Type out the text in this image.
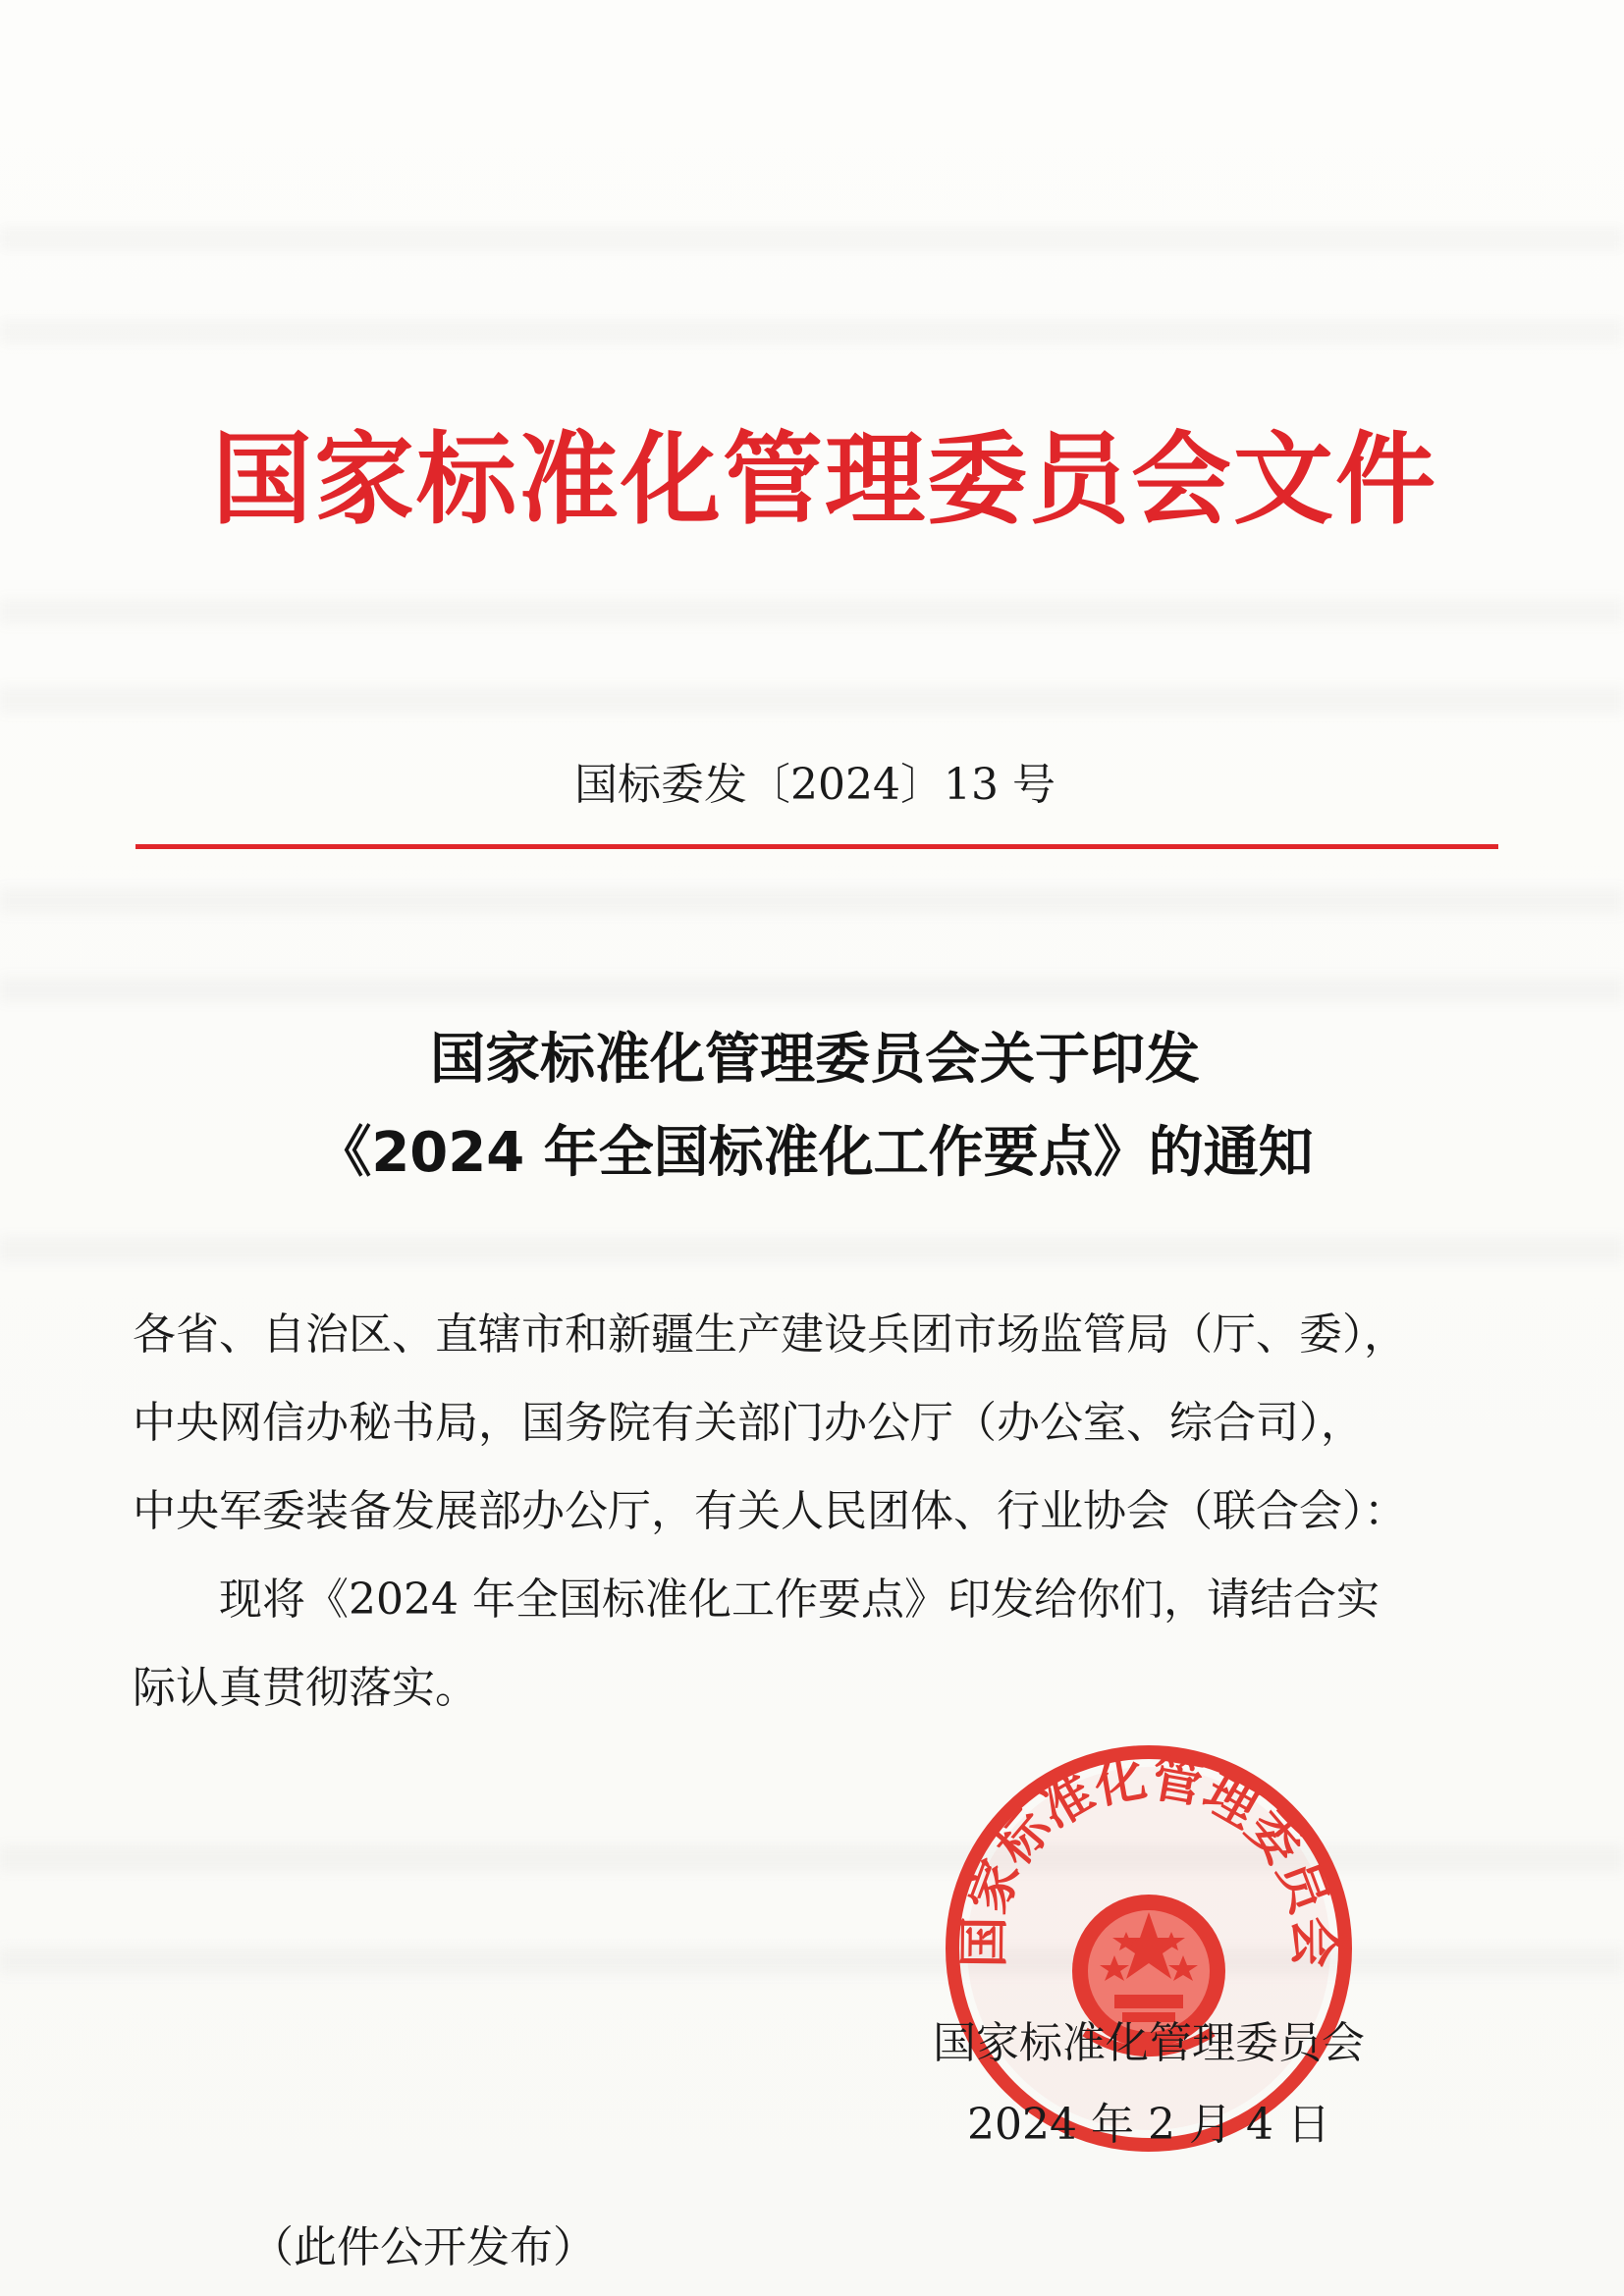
国家标准化管理委员会文件
国标委发〔2024〕13 号
国家标准化管理委员会关于印发
《2024 年全国标准化工作要点》的通知
各省、自治区、直辖市和新疆生产建设兵团市场监管局（厅、委），
中央网信办秘书局，国务院有关部门办公厅（办公室、综合司），
中央军委装备发展部办公厅，有关人民团体、行业协会（联合会）：
现将《2024 年全国标准化工作要点》印发给你们，请结合实
际认真贯彻落实。
国家标准化管理委员会
国家标准化管理委员会
2024 年 2 月 4 日
（此件公开发布）
